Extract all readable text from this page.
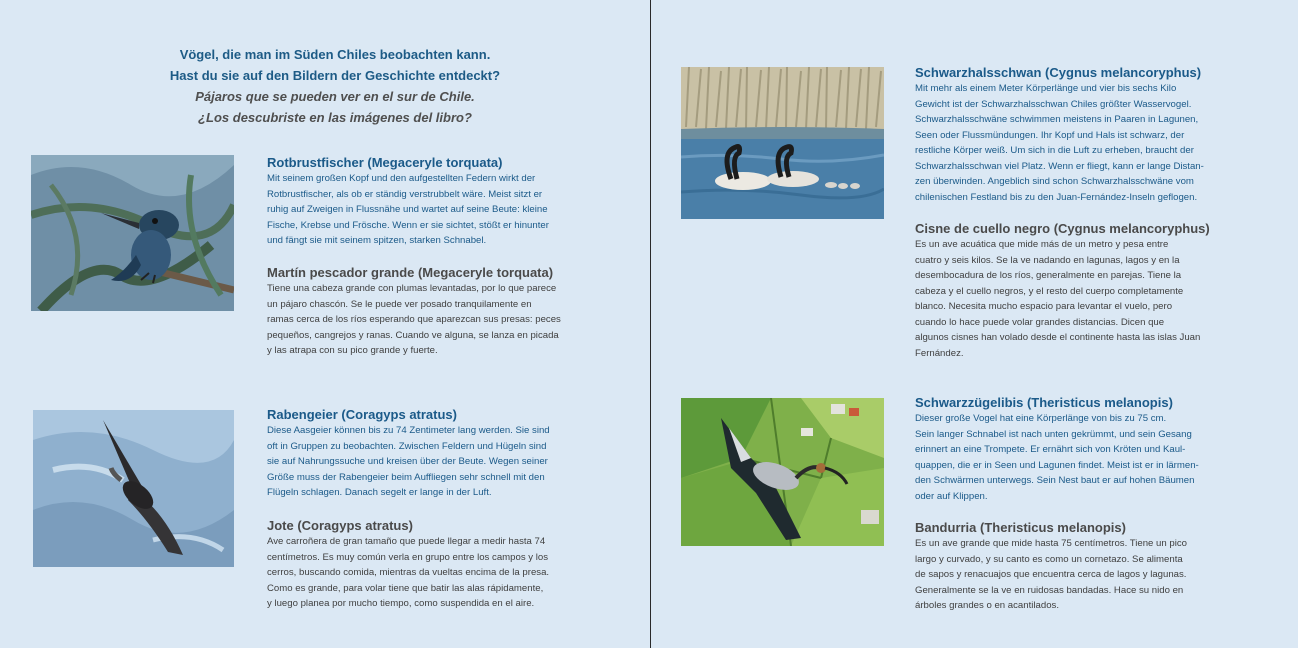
Vögel, die man im Süden Chiles beobachten kann.

Hast du sie auf den Bildern der Geschichte entdeckt?

Pájaros que se pueden ver en el sur de Chile.

¿Los descubriste en las imágenes del libro?

Rotbrustfischer (Megaceryle torquata)

Mit seinem großen Kopf und den aufgestellten Federn wirkt der

Rotbrustfischer, als ob er ständig verstrubbelt wäre. Meist sitzt er

ruhig auf Zweigen in Flussnähe und wartet auf seine Beute: kleine

Fische, Krebse und Frösche. Wenn er sie sichtet, stößt er hinunter

und fängt sie mit seinem spitzen, starken Schnabel.

Martín pescador grande (Megaceryle torquata)

Tiene una cabeza grande con plumas levantadas, por lo que parece

un pájaro chascón. Se le puede ver posado tranquilamente en

ramas cerca de los ríos esperando que aparezcan sus presas: peces

pequeños, cangrejos y ranas. Cuando ve alguna, se lanza en picada

y las atrapa con su pico grande y fuerte.

Rabengeier (Coragyps atratus)

Diese Aasgeier können bis zu 74 Zentimeter lang werden. Sie sind

oft in Gruppen zu beobachten. Zwischen Feldern und Hügeln sind

sie auf Nahrungssuche und kreisen über der Beute. Wegen seiner

Größe muss der Rabengeier beim Auffliegen sehr schnell mit den

Flügeln schlagen. Danach segelt er lange in der Luft.

Jote (Coragyps atratus)

Ave carroñera de gran tamaño que puede llegar a medir hasta 74

centímetros. Es muy común verla en grupo entre los campos y los

cerros, buscando comida, mientras da vueltas encima de la presa.

Como es grande, para volar tiene que batir las alas rápidamente,

y luego planea por mucho tiempo, como suspendida en el aire.

Schwarzhalsschwan (Cygnus melancoryphus)

Mit mehr als einem Meter Körperlänge und vier bis sechs Kilo

Gewicht ist der Schwarzhalsschwan Chiles größter Wasservogel.

Schwarzhalsschwäne schwimmen meistens in Paaren in Lagunen,

Seen oder Flussmündungen. Ihr Kopf und Hals ist schwarz, der

restliche Körper weiß. Um sich in die Luft zu erheben, braucht der

Schwarzhalsschwan viel Platz. Wenn er fliegt, kann er lange Distan-

zen überwinden. Angeblich sind schon Schwarzhalsschwäne vom

chilenischen Festland bis zu den Juan-Fernández-Inseln geflogen.

Cisne de cuello negro (Cygnus melancoryphus)

Es un ave acuática que mide más de un metro y pesa entre

cuatro y seis kilos. Se la ve nadando en lagunas, lagos y en la

desembocadura de los ríos, generalmente en parejas. Tiene la

cabeza y el cuello negros, y el resto del cuerpo completamente

blanco. Necesita mucho espacio para levantar el vuelo, pero

cuando lo hace puede volar grandes distancias. Dicen que

algunos cisnes han volado desde el continente hasta las islas Juan

Fernández.

Schwarzzügelibis (Theristicus melanopis)

Dieser große Vogel hat eine Körperlänge von bis zu 75 cm.

Sein langer Schnabel ist nach unten gekrümmt, und sein Gesang

erinnert an eine Trompete. Er ernährt sich von Kröten und Kaul-

quappen, die er in Seen und Lagunen findet. Meist ist er in lärmen-

den Schwärmen unterwegs. Sein Nest baut er auf hohen Bäumen

oder auf Klippen.

Bandurria (Theristicus melanopis)

Es un ave grande que mide hasta 75 centímetros. Tiene un pico

largo y curvado, y su canto es como un cornetazo. Se alimenta

de sapos y renacuajos que encuentra cerca de lagos y lagunas.

Generalmente se la ve en ruidosas bandadas. Hace su nido en

árboles grandes o en acantilados.
